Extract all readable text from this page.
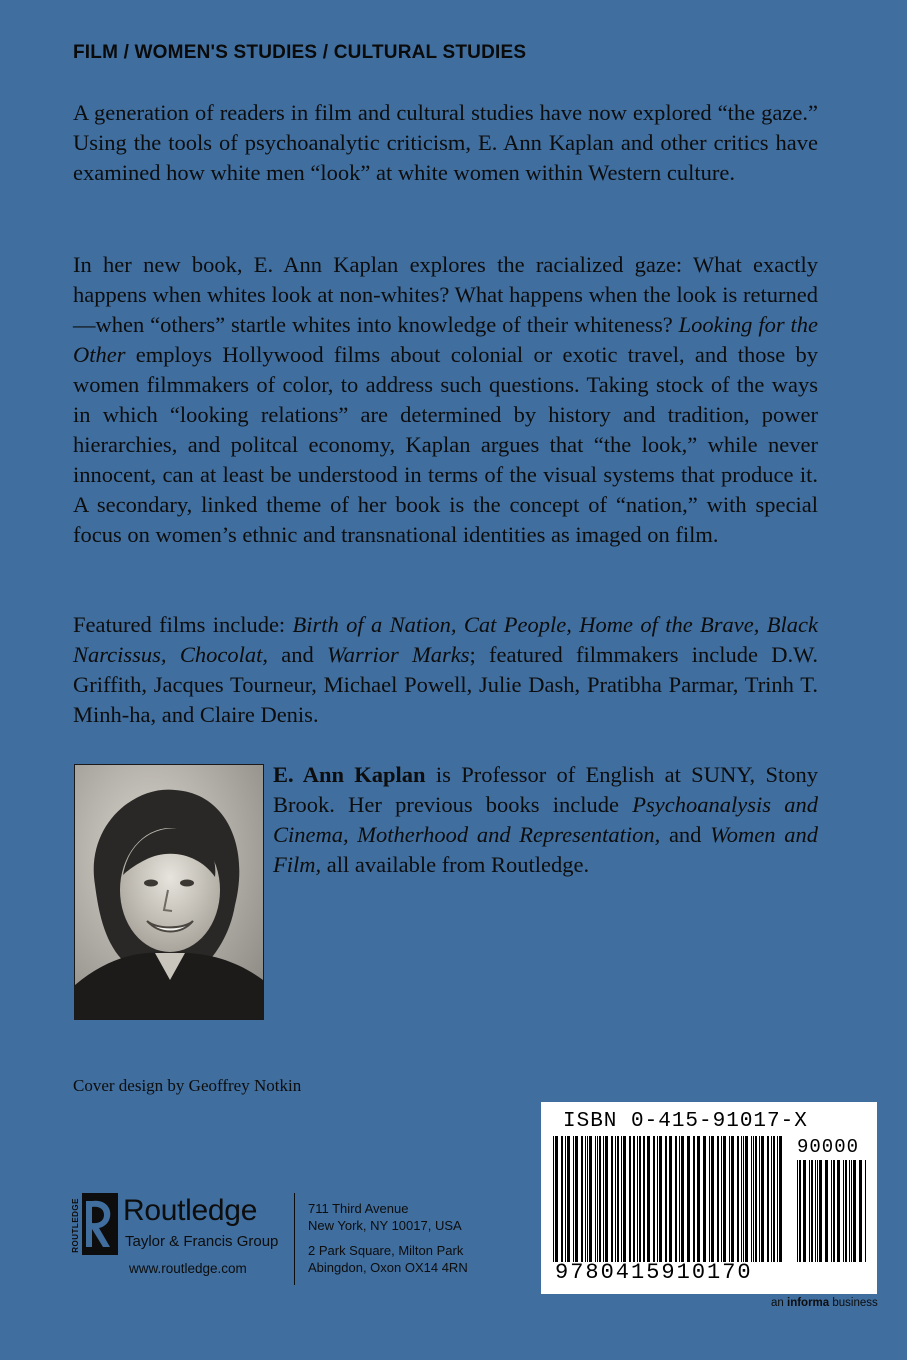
FILM / WOMEN'S STUDIES / CULTURAL STUDIES

A generation of readers in film and cultural studies have now explored “the gaze.” Using the tools of psychoanalytic criticism, E. Ann Kaplan and other critics have examined how white men “look” at white women within Western culture.

In her new book, E. Ann Kaplan explores the racialized gaze: What exactly happens when whites look at non-whites? What happens when the look is returned—when “others” startle whites into knowledge of their whiteness? Looking for the Other employs Hollywood films about colonial or exotic travel, and those by women filmmakers of color, to address such questions. Taking stock of the ways in which “looking relations” are determined by history and tradition, power hierarchies, and politcal economy, Kaplan argues that “the look,” while never innocent, can at least be understood in terms of the visual systems that produce it. A secondary, linked theme of her book is the concept of “nation,” with special focus on women’s ethnic and transnational identities as imaged on film.

Featured films include: Birth of a Nation, Cat People, Home of the Brave, Black Narcissus, Chocolat, and Warrior Marks; featured filmmakers include D.W. Griffith, Jacques Tourneur, Michael Powell, Julie Dash, Pratibha Parmar, Trinh T. Minh-ha, and Claire Denis.

E. Ann Kaplan is Professor of English at SUNY, Stony Brook. Her previous books include Psychoanalysis and Cinema, Motherhood and Representation, and Women and Film, all available from Routledge.

Cover design by Geoffrey Notkin
ROUTLEDGE Routledge
Taylor & Francis Group
www.routledge.com
711 Third Avenue
New York, NY 10017, USA
2 Park Square, Milton Park
Abingdon, Oxon OX14 4RN
ISBN 0-415-91017-X
90000
9780415910170
an informa business
